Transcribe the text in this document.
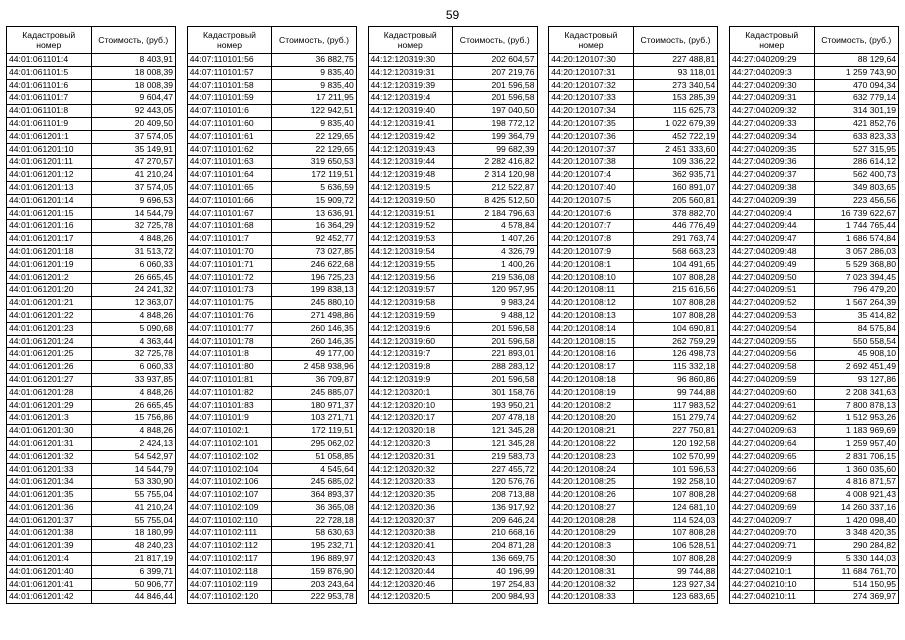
59
Кадастровый номер	Стоимость, (руб.)
44:01:061101:4	8 403,91
44:01:061101:5	18 008,39
44:01:061101:6	18 008,39
44:01:061101:7	9 604,47
44:01:061101:8	92 443,05
44:01:061101:9	20 409,50
44:01:061201:1	37 574,05
44:01:061201:10	35 149,91
44:01:061201:11	47 270,57
44:01:061201:12	41 210,24
44:01:061201:13	37 574,05
44:01:061201:14	9 696,53
44:01:061201:15	14 544,79
44:01:061201:16	32 725,78
44:01:061201:17	4 848,26
44:01:061201:18	31 513,72
44:01:061201:19	6 060,33
44:01:061201:2	26 665,45
44:01:061201:20	24 241,32
44:01:061201:21	12 363,07
44:01:061201:22	4 848,26
44:01:061201:23	5 090,68
44:01:061201:24	4 363,44
44:01:061201:25	32 725,78
44:01:061201:26	6 060,33
44:01:061201:27	33 937,85
44:01:061201:28	4 848,26
44:01:061201:29	26 665,45
44:01:061201:3	15 756,86
44:01:061201:30	4 848,26
44:01:061201:31	2 424,13
44:01:061201:32	54 542,97
44:01:061201:33	14 544,79
44:01:061201:34	53 330,90
44:01:061201:35	55 755,04
44:01:061201:36	41 210,24
44:01:061201:37	55 755,04
44:01:061201:38	18 180,99
44:01:061201:39	48 240,23
44:01:061201:4	21 817,19
44:01:061201:40	6 399,71
44:01:061201:41	50 906,77
44:01:061201:42	44 846,44
Кадастровый номер	Стоимость, (руб.)
44:07:110101:56	36 882,75
44:07:110101:57	9 835,40
44:07:110101:58	9 835,40
44:07:110101:59	17 211,95
44:07:110101:6	122 942,51
44:07:110101:60	9 835,40
44:07:110101:61	22 129,65
44:07:110101:62	22 129,65
44:07:110101:63	319 650,53
44:07:110101:64	172 119,51
44:07:110101:65	5 636,59
44:07:110101:66	15 909,72
44:07:110101:67	13 636,91
44:07:110101:68	16 364,29
44:07:110101:7	92 452,77
44:07:110101:70	73 027,85
44:07:110101:71	246 622,68
44:07:110101:72	196 725,23
44:07:110101:73	199 838,13
44:07:110101:75	245 880,10
44:07:110101:76	271 498,86
44:07:110101:77	260 146,35
44:07:110101:78	260 146,35
44:07:110101:8	49 177,00
44:07:110101:80	2 458 938,96
44:07:110101:81	36 709,87
44:07:110101:82	245 885,07
44:07:110101:83	180 971,37
44:07:110101:9	103 271,71
44:07:110102:1	172 119,51
44:07:110102:101	295 062,02
44:07:110102:102	51 058,85
44:07:110102:104	4 545,64
44:07:110102:106	245 685,02
44:07:110102:107	364 893,37
44:07:110102:109	36 365,08
44:07:110102:110	22 728,18
44:07:110102:111	58 630,63
44:07:110102:112	195 232,71
44:07:110102:117	196 889,97
44:07:110102:118	159 876,90
44:07:110102:119	203 243,64
44:07:110102:120	222 953,78
Кадастровый номер	Стоимость, (руб.)
44:12:120319:30	202 604,57
44:12:120319:31	207 219,76
44:12:120319:39	201 596,58
44:12:120319:4	201 596,58
44:12:120319:40	197 040,50
44:12:120319:41	198 772,12
44:12:120319:42	199 364,79
44:12:120319:43	99 682,39
44:12:120319:44	2 282 416,82
44:12:120319:48	2 314 120,98
44:12:120319:5	212 522,87
44:12:120319:50	8 425 512,50
44:12:120319:51	2 184 796,63
44:12:120319:52	4 578,84
44:12:120319:53	1 407,26
44:12:120319:54	4 326,79
44:12:120319:55	1 400,26
44:12:120319:56	219 536,08
44:12:120319:57	120 957,95
44:12:120319:58	9 983,24
44:12:120319:59	9 488,12
44:12:120319:6	201 596,58
44:12:120319:60	201 596,58
44:12:120319:7	221 893,01
44:12:120319:8	288 283,12
44:12:120319:9	201 596,58
44:12:120320:1	301 158,76
44:12:120320:10	193 950,21
44:12:120320:17	207 478,18
44:12:120320:18	121 345,28
44:12:120320:3	121 345,28
44:12:120320:31	219 583,73
44:12:120320:32	227 455,72
44:12:120320:33	120 576,76
44:12:120320:35	208 713,88
44:12:120320:36	136 917,92
44:12:120320:37	209 646,24
44:12:120320:38	210 668,16
44:12:120320:41	204 871,28
44:12:120320:43	136 669,75
44:12:120320:44	40 196,99
44:12:120320:46	197 254,83
44:12:120320:5	200 984,93
Кадастровый номер	Стоимость, (руб.)
44:20:120107:30	227 488,81
44:20:120107:31	93 118,01
44:20:120107:32	273 340,54
44:20:120107:33	153 285,39
44:20:120107:34	115 625,73
44:20:120107:35	1 022 679,39
44:20:120107:36	452 722,19
44:20:120107:37	2 451 333,60
44:20:120107:38	109 336,22
44:20:120107:4	362 935,71
44:20:120107:40	160 891,07
44:20:120107:5	205 560,81
44:20:120107:6	378 882,70
44:20:120107:7	446 776,49
44:20:120107:8	291 763,74
44:20:120107:9	568 663,23
44:20:120108:1	104 491,65
44:20:120108:10	107 808,28
44:20:120108:11	215 616,56
44:20:120108:12	107 808,28
44:20:120108:13	107 808,28
44:20:120108:14	104 690,81
44:20:120108:15	262 759,29
44:20:120108:16	126 498,73
44:20:120108:17	115 332,18
44:20:120108:18	96 860,86
44:20:120108:19	99 744,88
44:20:120108:2	117 983,52
44:20:120108:20	151 279,74
44:20:120108:21	227 750,81
44:20:120108:22	120 192,58
44:20:120108:23	102 570,99
44:20:120108:24	101 596,53
44:20:120108:25	192 258,10
44:20:120108:26	107 808,28
44:20:120108:27	124 681,10
44:20:120108:28	114 524,03
44:20:120108:29	107 808,28
44:20:120108:3	106 528,51
44:20:120108:30	107 808,28
44:20:120108:31	99 744,88
44:20:120108:32	123 927,34
44:20:120108:33	123 683,65
Кадастровый номер	Стоимость, (руб.)
44:27:040209:29	88 129,64
44:27:040209:3	1 259 743,90
44:27:040209:30	470 094,34
44:27:040209:31	632 779,14
44:27:040209:32	314 301,19
44:27:040209:33	421 852,76
44:27:040209:34	633 823,33
44:27:040209:35	527 315,95
44:27:040209:36	286 614,12
44:27:040209:37	562 400,73
44:27:040209:38	349 803,65
44:27:040209:39	223 456,56
44:27:040209:4	16 739 622,67
44:27:040209:44	1 744 765,44
44:27:040209:47	1 686 574,84
44:27:040209:48	3 057 286,03
44:27:040209:49	5 529 368,80
44:27:040209:50	7 023 394,45
44:27:040209:51	796 479,20
44:27:040209:52	1 567 264,39
44:27:040209:53	35 414,82
44:27:040209:54	84 575,84
44:27:040209:55	550 558,54
44:27:040209:56	45 908,10
44:27:040209:58	2 692 451,49
44:27:040209:59	93 127,86
44:27:040209:60	2 208 341,63
44:27:040209:61	7 800 878,13
44:27:040209:62	1 512 953,26
44:27:040209:63	1 183 969,69
44:27:040209:64	1 259 957,40
44:27:040209:65	2 831 706,15
44:27:040209:66	1 360 035,60
44:27:040209:67	4 816 871,57
44:27:040209:68	4 008 921,43
44:27:040209:69	14 260 337,16
44:27:040209:7	1 420 098,40
44:27:040209:70	3 348 420,35
44:27:040209:71	290 284,82
44:27:040209:9	5 330 144,03
44:27:040210:1	11 684 761,70
44:27:040210:10	514 150,95
44:27:040210:11	274 369,97
